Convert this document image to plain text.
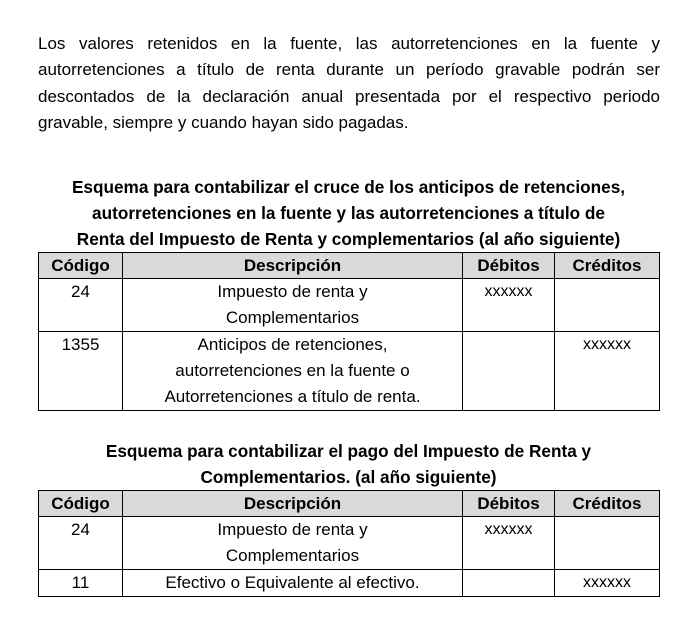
Los valores retenidos en la fuente, las autorretenciones en la fuente y autorretenciones a título de renta durante un período gravable podrán ser descontados de la declaración anual presentada por el respectivo periodo gravable, siempre y cuando hayan sido pagadas.

Esquema para contabilizar el cruce de los anticipos de retenciones,
autorretenciones en la fuente y las autorretenciones a título de
Renta del Impuesto de Renta y complementarios (al año siguiente)
Código	Descripción	Débitos	Créditos
24	Impuesto de renta y
Complementarios	xxxxxx	
1355	Anticipos de retenciones,
autorretenciones en la fuente o
Autorretenciones a título de renta.		xxxxxx
Esquema para contabilizar el pago del Impuesto de Renta y
Complementarios. (al año siguiente)
Código	Descripción	Débitos	Créditos
24	Impuesto de renta y
Complementarios	xxxxxx	
11	Efectivo o Equivalente al efectivo.		xxxxxx
